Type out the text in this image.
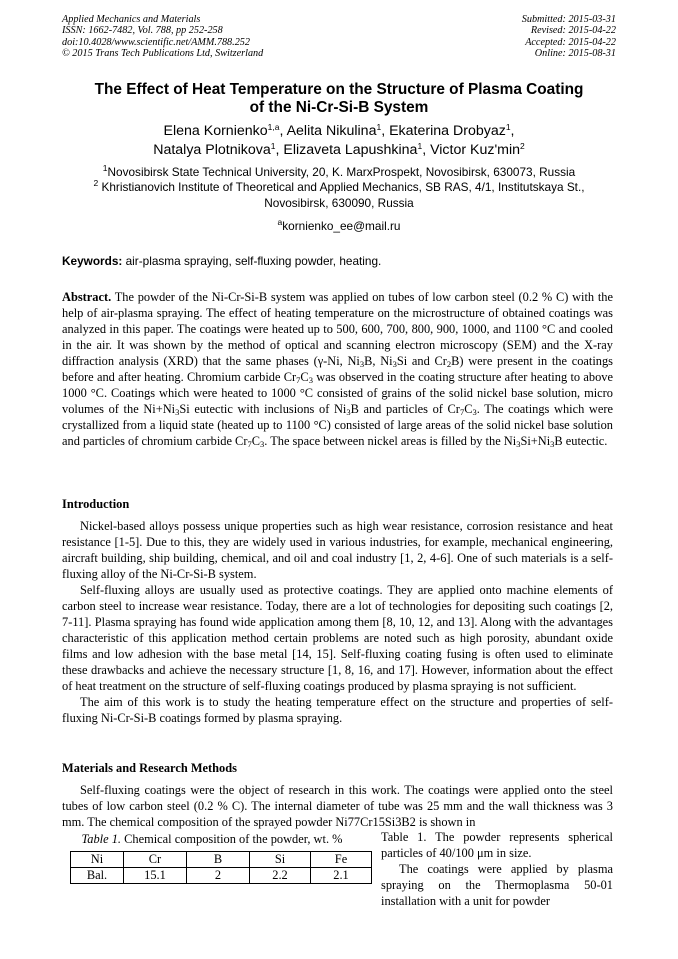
Applied Mechanics and Materials
ISSN: 1662-7482, Vol. 788, pp 252-258
doi:10.4028/www.scientific.net/AMM.788.252
© 2015 Trans Tech Publications Ltd, Switzerland
Submitted: 2015-03-31
Revised: 2015-04-22
Accepted: 2015-04-22
Online: 2015-08-31
The Effect of Heat Temperature on the Structure of Plasma Coating
of the Ni-Cr-Si-B System
Elena Kornienko$^{1,a}$, Aelita Nikulina$^1$, Ekaterina Drobyaz$^1$,
Natalya Plotnikova$^1$, Elizaveta Lapushkina$^1$, Victor $Kuz'\min^2$
$^1$Novosibirsk State Technical University, 20, K. MarxProspekt, Novosibirsk, 630073, Russia
$^2$ Khristianovich Institute of Theoretical and Applied Mechanics, SB RAS, 4/1, Institutskaya St.,
Novosibirsk, 630090, Russia
$^a$kornienko_ee@mail.ru
Keywords: air-plasma spraying, self-fluxing powder, heating.

Abstract. The powder of the Ni-Cr-Si-B system was applied on tubes of low carbon steel (0.2 % C) with the help of air-plasma spraying. The effect of heating temperature on the microstructure of obtained coatings was analyzed in this paper. The coatings were heated up to 500, 600, 700, 800, 900, 1000, and 1100 °C and cooled in the air. It was shown by the method of optical and scanning electron microscopy (SEM) and the X-ray diffraction analysis (XRD) that the same phases (γ-Ni, $Ni_3B$, $Ni_3Si$ and $Cr_2B$) were present in the coatings before and after heating. Chromium carbide $Cr_7C_3$ was observed in the coating structure after heating to above 1000 °C. Coatings which were heated to 1000 °C consisted of grains of the solid nickel base solution, micro volumes of the $Ni+Ni_3Si$ eutectic with inclusions of $Ni_3B$ and particles of $Cr_7C_3$. The coatings which were crystallized from a liquid state (heated up to 1100 °C) consisted of large areas of the solid nickel base solution and particles of chromium carbide $Cr_7C_3$. The space between nickel areas is filled by the $Ni_3Si+Ni_3B$ eutectic.

Introduction

Nickel-based alloys possess unique properties such as high wear resistance, corrosion resistance and heat resistance [1-5]. Due to this, they are widely used in various industries, for example, mechanical engineering, aircraft building, ship building, chemical, and oil and coal industry [1, 2, 4-6]. One of such materials is a self-fluxing alloy of the Ni-Cr-Si-B system.

Self-fluxing alloys are usually used as protective coatings. They are applied onto machine elements of carbon steel to increase wear resistance. Today, there are a lot of technologies for depositing such coatings [2, 7-11]. Plasma spraying has found wide application among them [8, 10, 12, and 13]. Along with the advantages characteristic of this application method certain problems are noted such as high porosity, abundant oxide films and low adhesion with the base metal [14, 15]. Self-fluxing coating fusing is often used to eliminate these drawbacks and achieve the necessary structure [1, 8, 16, and 17]. However, information about the effect of heat treatment on the structure of self-fluxing coatings produced by plasma spraying is not sufficient.

The aim of this work is to study the heating temperature effect on the structure and properties of self-fluxing Ni-Cr-Si-B coatings formed by plasma spraying.

Materials and Research Methods

Self-fluxing coatings were the object of research in this work. The coatings were applied onto the steel tubes of low carbon steel (0.2 % C). The internal diameter of tube was 25 mm and the wall thickness was 3 mm. The chemical composition of the sprayed powder Ni77Cr15Si3B2 is shown in

Table 1. Chemical composition of the powder, wt. %
Ni	Cr	B	Si	Fe
Bal.	15.1	2	2.2	2.1

Table 1. The powder represents spherical particles of 40/100 μm in size.

The coatings were applied by plasma spraying on the Thermoplasma 50-01 installation with a unit for powder
